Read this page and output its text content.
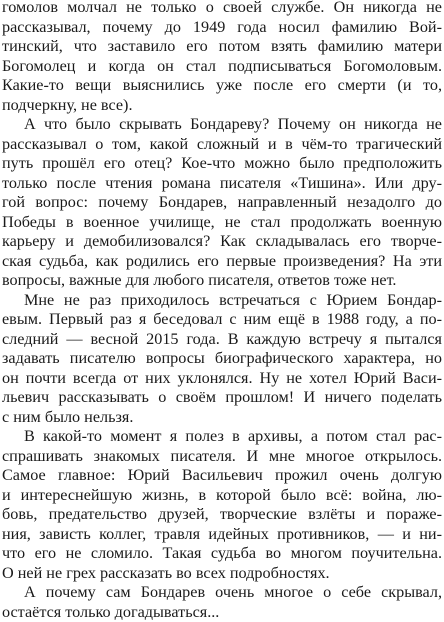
гомолов молчал не только о своей службе. Он никогда не
рассказывал, почему до 1949 года носил фамилию Вой-
тинский, что заставило его потом взять фамилию матери
Богомолец и когда он стал подписываться Богомоловым.
Какие-то вещи выяснились уже после его смерти (и то,
подчеркну, не все).
А что было скрывать Бондареву? Почему он никогда не
рассказывал о том, какой сложный и в чём-то трагический
путь прошёл его отец? Кое-что можно было предположить
только после чтения романа писателя «Тишина». Или дру-
гой вопрос: почему Бондарев, направленный незадолго до
Победы в военное училище, не стал продолжать военную
карьеру и демобилизовался? Как складывалась его творче-
ская судьба, как родились его первые произведения? На эти
вопросы, важные для любого писателя, ответов тоже нет.
Мне не раз приходилось встречаться с Юрием Бондар-
евым. Первый раз я беседовал с ним ещё в 1988 году, а по-
следний — весной 2015 года. В каждую встречу я пытался
задавать писателю вопросы биографического характера, но
он почти всегда от них уклонялся. Ну не хотел Юрий Васи-
льевич рассказывать о своём прошлом! И ничего поделать
с ним было нельзя.
В какой-то момент я полез в архивы, а потом стал рас-
спрашивать знакомых писателя. И мне многое открылось.
Самое главное: Юрий Васильевич прожил очень долгую
и интереснейшую жизнь, в которой было всё: война, лю-
бовь, предательство друзей, творческие взлёты и пораже-
ния, зависть коллег, травля идейных противников, — и ни-
что его не сломило. Такая судьба во многом поучительна.
О ней не грех рассказать во всех подробностях.
А почему сам Бондарев очень многое о себе скрывал,
остаётся только догадываться...
